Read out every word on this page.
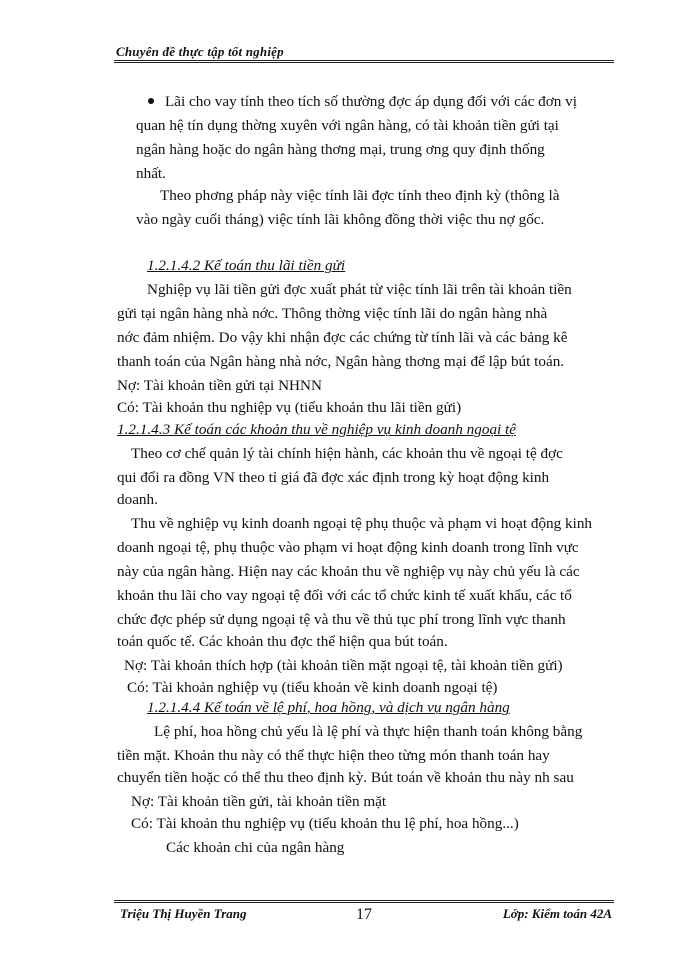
Chuyên đề thực tập tốt nghiệp
Lãi cho vay tính theo tích số thường đợc áp dụng đối với các đơn vị
quan hệ tín dụng thờng xuyên với ngân hàng, có tài khoản tiền gửi tại
ngân hàng hoặc do ngân hàng thơng mại, trung ơng quy định thống
nhất.
Theo phơng pháp này việc tính lãi đợc tính theo định kỳ (thông là
vào ngày cuối tháng) việc tính lãi không đồng thời việc thu nợ gốc.
1.2.1.4.2 Kế toán thu lãi tiền gửi
Nghiệp vụ lãi tiền gửi đợc xuất phát từ việc tính lãi trên tài khoản tiền
gửi tại ngân hàng nhà nớc. Thông thờng việc tính lãi do ngân hàng nhà
nớc đảm nhiệm. Do vậy khi nhận đợc các chứng từ tính lãi và các bảng kê
thanh toán của Ngân hàng nhà nớc, Ngân hàng thơng mại để lập bút toán.
Nợ: Tài khoản tiền gửi tại NHNN
Có: Tài khoản thu nghiệp vụ (tiểu khoản thu lãi tiền gửi)
1.2.1.4.3 Kế toán các khoản thu về nghiệp vụ kinh doanh ngoại tệ
Theo cơ chế quản lý tài chính hiện hành, các khoản thu về ngoại tệ đợc
qui đổi ra đồng VN theo tỉ giá đã đợc xác định trong kỳ hoạt động kinh
doanh.
Thu về nghiệp vụ kinh doanh ngoại tệ phụ thuộc và phạm vi hoạt động kinh
doanh ngoại tệ, phụ thuộc vào phạm vi hoạt động kinh doanh trong lĩnh vực
này của ngân hàng. Hiện nay các khoản thu về nghiệp vụ này chủ yếu là các
khoản thu lãi cho vay ngoại tệ đối với các tổ chức kinh tế xuất khẩu, các tổ
chức đợc phép sử dụng ngoại tệ và thu về thủ tục phí trong lĩnh vực thanh
toán quốc tế. Các khoản thu đợc thể hiện qua bút toán.
Nợ: Tài khoản thích hợp (tài khoản tiền mặt ngoại tệ, tài khoản tiền gửi)
Có: Tài khoản nghiệp vụ (tiểu khoản về kinh doanh ngoại tệ)
1.2.1.4.4 Kế toán về lệ phí, hoa hồng, và dịch vụ ngân hàng
Lệ phí, hoa hồng chủ yếu là lệ phí và thực hiện thanh toán không bằng
tiền mặt. Khoản thu này có thể thực hiện theo từng món thanh toán hay
chuyển tiền hoặc có thể thu theo định kỳ. Bút toán về khoản thu này nh sau
Nợ: Tài khoản tiền gửi, tài khoản tiền mặt
Có: Tài khoản thu nghiệp vụ (tiểu khoản thu lệ phí, hoa hồng...)
Các khoản chi của ngân hàng
Triệu Thị Huyền Trang	17	Lớp: Kiểm toán 42A
